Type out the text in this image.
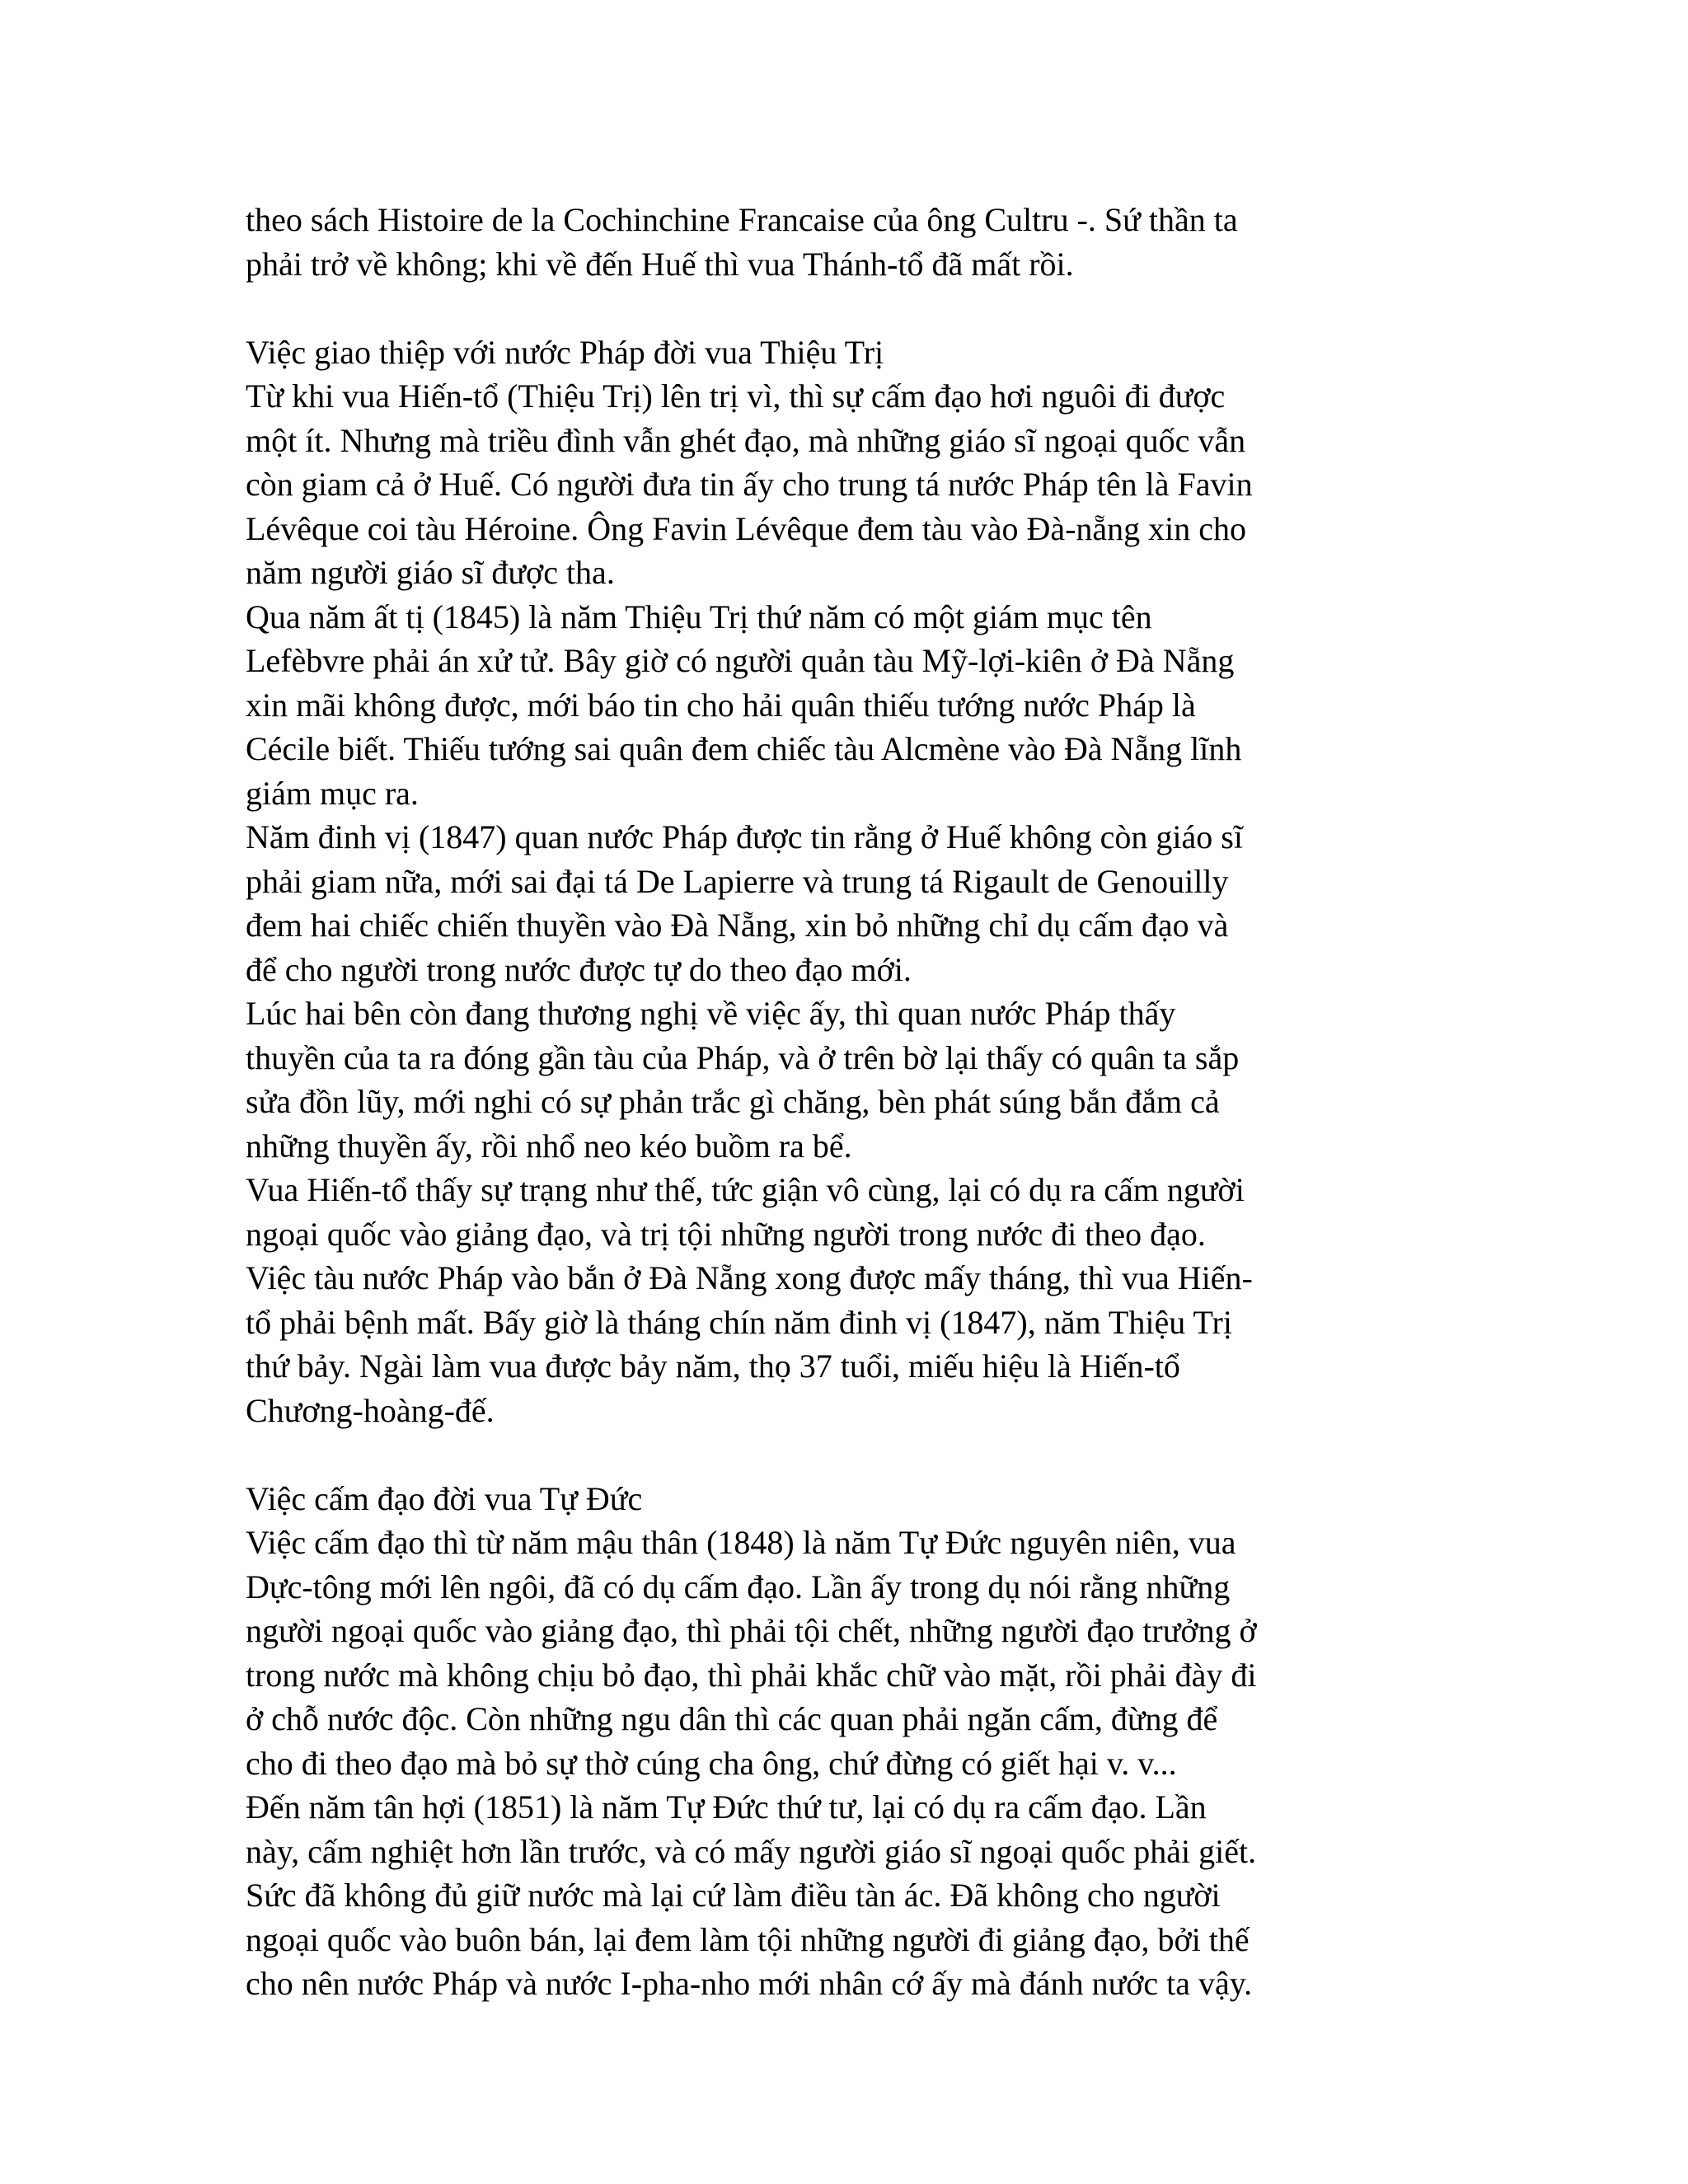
theo sách Histoire de la Cochinchine Francaise của ông Cultru -. Sứ thần ta
phải trở về không; khi về đến Huế thì vua Thánh-tổ đã mất rồi.
Việc giao thiệp với nước Pháp đời vua Thiệu Trị
Từ khi vua Hiến-tổ (Thiệu Trị) lên trị vì, thì sự cấm đạo hơi nguôi đi được
một ít. Nhưng mà triều đình vẫn ghét đạo, mà những giáo sĩ ngoại quốc vẫn
còn giam cả ở Huế. Có người đưa tin ấy cho trung tá nước Pháp tên là Favin
Lévêque coi tàu Héroine. Ông Favin Lévêque đem tàu vào Đà-nẵng xin cho
năm người giáo sĩ được tha.
Qua năm ất tị (1845) là năm Thiệu Trị thứ năm có một giám mục tên
Lefèbvre phải án xử tử. Bây giờ có người quản tàu Mỹ-lợi-kiên ở Đà Nẵng
xin mãi không được, mới báo tin cho hải quân thiếu tướng nước Pháp là
Cécile biết. Thiếu tướng sai quân đem chiếc tàu Alcmène vào Đà Nẵng lĩnh
giám mục ra.
Năm đinh vị (1847) quan nước Pháp được tin rằng ở Huế không còn giáo sĩ
phải giam nữa, mới sai đại tá De Lapierre và trung tá Rigault de Genouilly
đem hai chiếc chiến thuyền vào Đà Nẵng, xin bỏ những chỉ dụ cấm đạo và
để cho người trong nước được tự do theo đạo mới.
Lúc hai bên còn đang thương nghị về việc ấy, thì quan nước Pháp thấy
thuyền của ta ra đóng gần tàu của Pháp, và ở trên bờ lại thấy có quân ta sắp
sửa đồn lũy, mới nghi có sự phản trắc gì chăng, bèn phát súng bắn đắm cả
những thuyền ấy, rồi nhổ neo kéo buồm ra bể.
Vua Hiến-tổ thấy sự trạng như thế, tức giận vô cùng, lại có dụ ra cấm người
ngoại quốc vào giảng đạo, và trị tội những người trong nước đi theo đạo.
Việc tàu nước Pháp vào bắn ở Đà Nẵng xong được mấy tháng, thì vua Hiến-
tổ phải bệnh mất. Bấy giờ là tháng chín năm đinh vị (1847), năm Thiệu Trị
thứ bảy. Ngài làm vua được bảy năm, thọ 37 tuổi, miếu hiệu là Hiến-tổ
Chương-hoàng-đế.
Việc cấm đạo đời vua Tự Đức
Việc cấm đạo thì từ năm mậu thân (1848) là năm Tự Đức nguyên niên, vua
Dực-tông mới lên ngôi, đã có dụ cấm đạo. Lần ấy trong dụ nói rằng những
người ngoại quốc vào giảng đạo, thì phải tội chết, những người đạo trưởng ở
trong nước mà không chịu bỏ đạo, thì phải khắc chữ vào mặt, rồi phải đày đi
ở chỗ nước độc. Còn những ngu dân thì các quan phải ngăn cấm, đừng để
cho đi theo đạo mà bỏ sự thờ cúng cha ông, chứ đừng có giết hại v. v...
Đến năm tân hợi (1851) là năm Tự Đức thứ tư, lại có dụ ra cấm đạo. Lần
này, cấm nghiệt hơn lần trước, và có mấy người giáo sĩ ngoại quốc phải giết.
Sức đã không đủ giữ nước mà lại cứ làm điều tàn ác. Đã không cho người
ngoại quốc vào buôn bán, lại đem làm tội những người đi giảng đạo, bởi thế
cho nên nước Pháp và nước I-pha-nho mới nhân cớ ấy mà đánh nước ta vậy.
